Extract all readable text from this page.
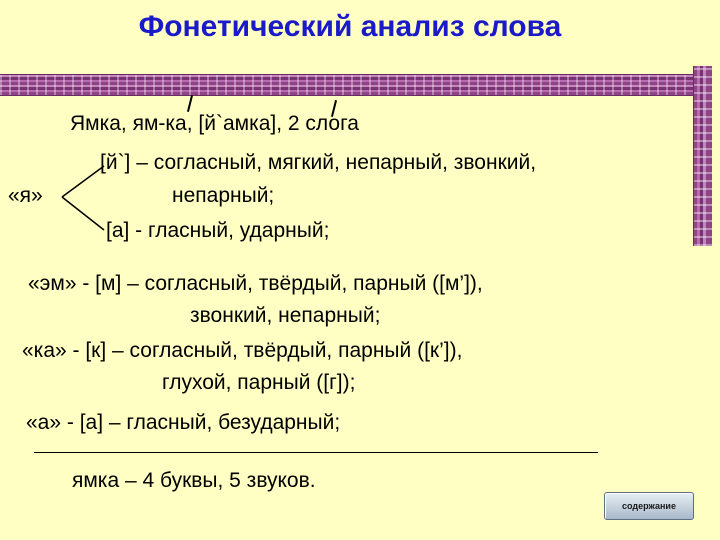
Фонетический анализ слова
Ямка, ям-ка, [й`амка], 2 слога
[й`] – согласный, мягкий, непарный, звонкий,
непарный;
«я»
[а] - гласный, ударный;
«эм» - [м] – согласный, твёрдый, парный ([м’]),
звонкий, непарный;
«ка» - [к] – согласный, твёрдый, парный ([к’]),
глухой, парный ([г]);
«а» - [а] – гласный, безударный;
ямка – 4 буквы, 5 звуков.
содержание
